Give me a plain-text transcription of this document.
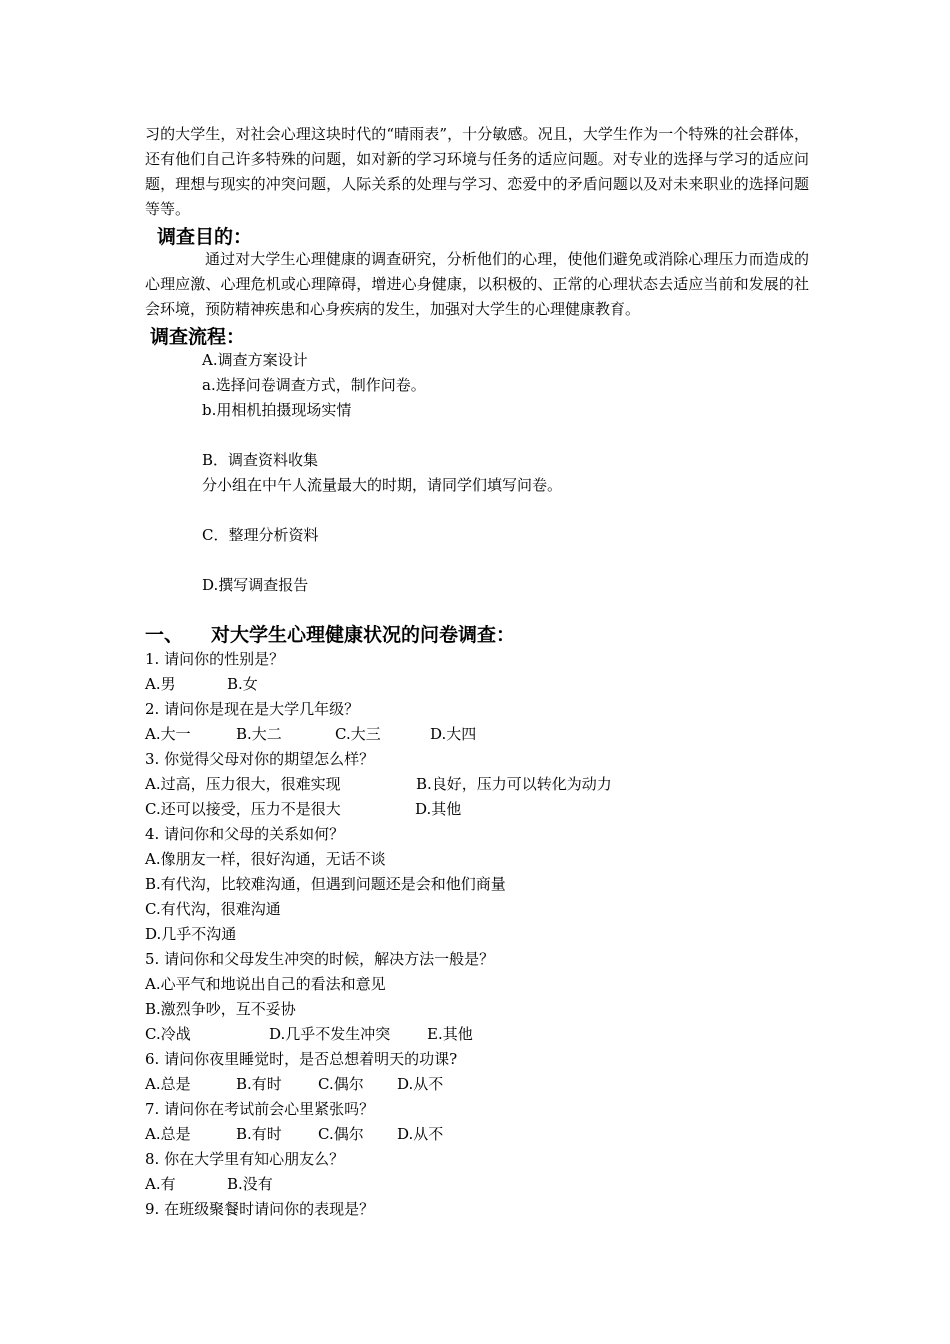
习的大学生，对社会心理这块时代的“晴雨表”，十分敏感。况且，大学生作为一个特殊的社会群体，还有他们自己许多特殊的问题，如对新的学习环境与任务的适应问题。对专业的选择与学习的适应问题，理想与现实的冲突问题，人际关系的处理与学习、恋爱中的矛盾问题以及对未来职业的选择问题等等。

调查目的：

通过对大学生心理健康的调查研究，分析他们的心理，使他们避免或消除心理压力而造成的心理应激、心理危机或心理障碍，增进心身健康，以积极的、正常的心理状态去适应当前和发展的社会环境，预防精神疾患和心身疾病的发生，加强对大学生的心理健康教育。

调查流程：
A.调查方案设计
a.选择问卷调查方式，制作问卷。
b.用相机拍摄现场实情
B．调查资料收集
分小组在中午人流量最大的时期，请同学们填写问卷。
C．整理分析资料
D.撰写调查报告
一、 对大学生心理健康状况的问卷调查：
1. 请问你的性别是？
A.男	B.女
2. 请问你是现在是大学几年级？
A.大一	B.大二	C.大三	D.大四
3. 你觉得父母对你的期望怎么样？
A.过高，压力很大，很难实现	B.良好，压力可以转化为动力
C.还可以接受，压力不是很大	D.其他
4. 请问你和父母的关系如何？
A.像朋友一样，很好沟通，无话不谈
B.有代沟，比较难沟通，但遇到问题还是会和他们商量
C.有代沟，很难沟通
D.几乎不沟通
5. 请问你和父母发生冲突的时候，解决方法一般是？
A.心平气和地说出自己的看法和意见
B.激烈争吵，互不妥协
C.冷战	D.几乎不发生冲突 E.其他
6. 请问你夜里睡觉时，是否总想着明天的功课?
A.总是	B.有时 C.偶尔 D.从不
7. 请问你在考试前会心里紧张吗？
A.总是	B.有时 C.偶尔 D.从不
8. 你在大学里有知心朋友么？
A.有	B.没有
9. 在班级聚餐时请问你的表现是？
